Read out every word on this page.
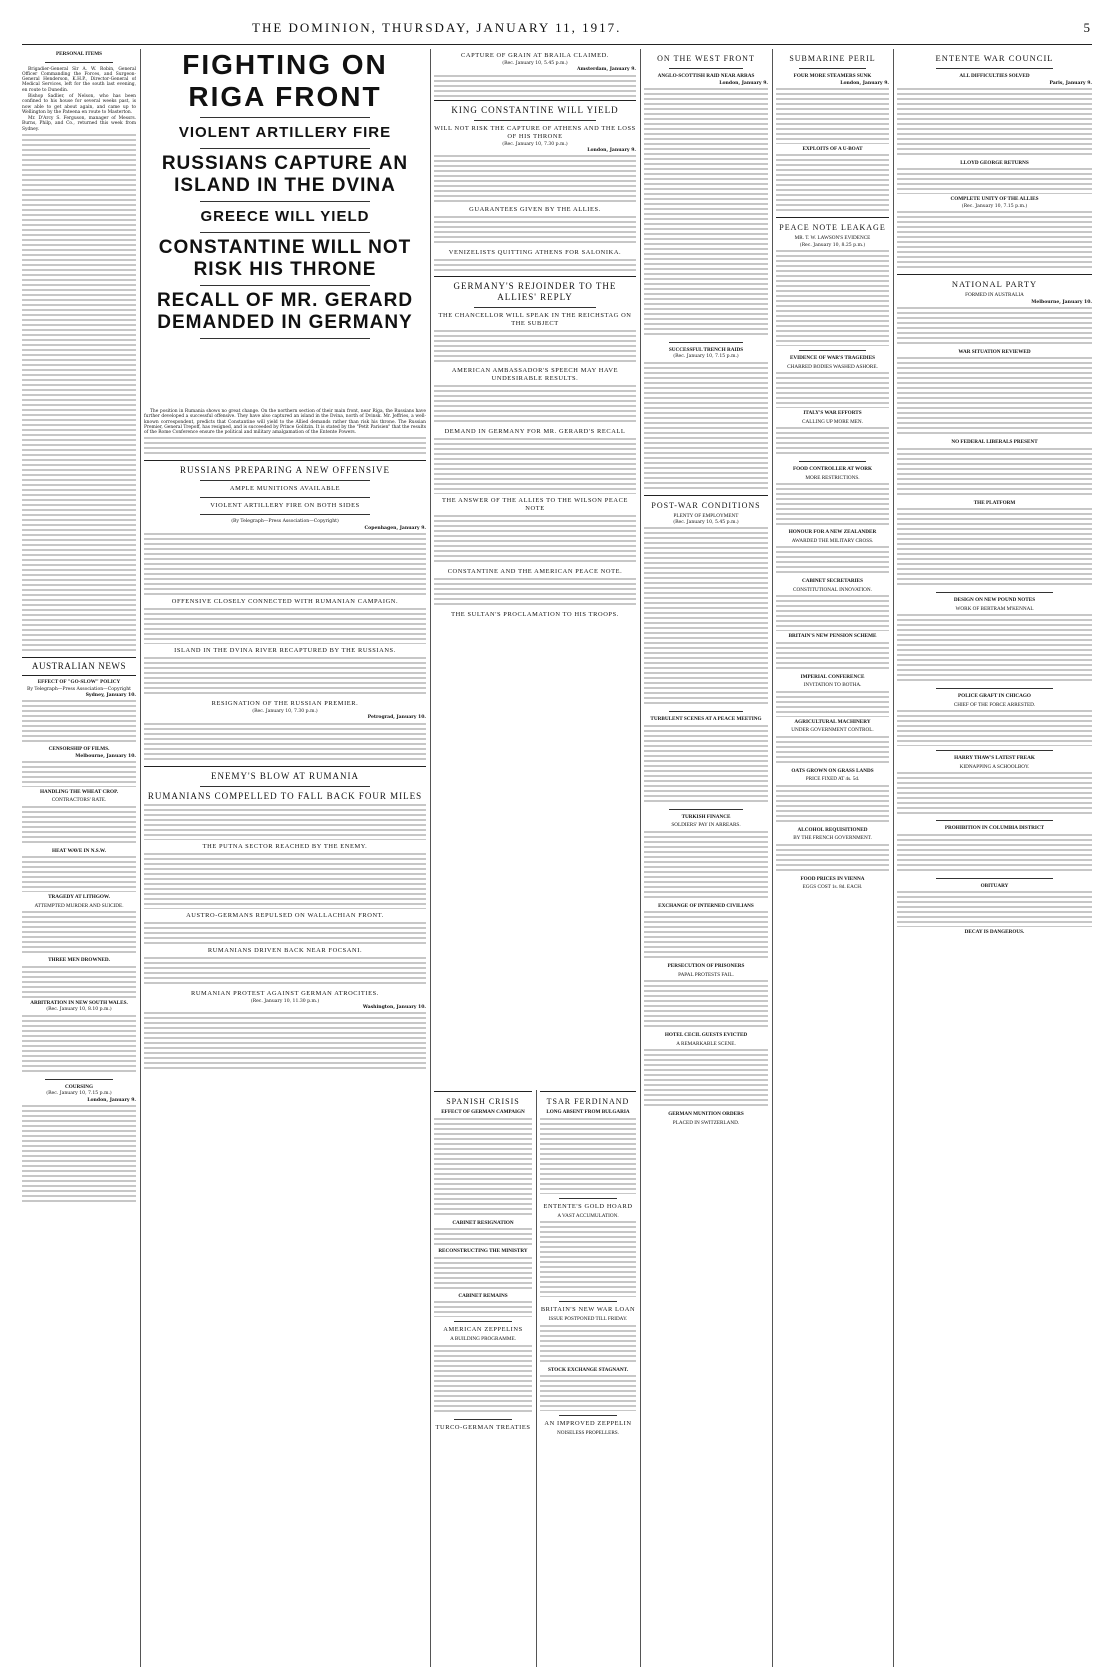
THE DOMINION, THURSDAY, JANUARY 11, 1917.	5
PERSONAL ITEMS

Brigadier-General Sir A. W. Robin, General Officer Commanding the Forces, and Surgeon-General Henderson, K.H.P., Director-General of Medical Services, left for the south last evening, en route to Dunedin.

Bishop Sadlier, of Nelson, who has been confined to his house for several weeks past, is now able to get about again, and came up to Wellington by the Pateena en route to Masterton.

Mr. D'Arcy S. Ferguson, manager of Messrs. Burns, Philp, and Co., returned this week from Sydney.

AUSTRALIAN NEWS
EFFECT OF "GO-SLOW" POLICY
By Telegraph—Press Association—Copyright
Sydney, January 10.
CENSORSHIP OF FILMS.
Melbourne, January 10.
HANDLING THE WHEAT CROP.
CONTRACTORS' RATE.
HEAT WAVE IN N.S.W.
TRAGEDY AT LITHGOW.
ATTEMPTED MURDER AND SUICIDE.
THREE MEN DROWNED.
ARBITRATION IN NEW SOUTH WALES.
(Rec. January 10, 8.10 p.m.)
COURSING
(Rec. January 10, 7.15 p.m.)
London, January 9.
FIGHTING ON RIGA FRONT
VIOLENT ARTILLERY FIRE
RUSSIANS CAPTURE AN ISLAND IN THE DVINA
GREECE WILL YIELD
CONSTANTINE WILL NOT RISK HIS THRONE
RECALL OF MR. GERARD DEMANDED IN GERMANY

The position in Rumania shows no great change. On the northern section of their main front, near Riga, the Russians have further developed a successful offensive. They have also captured an island in the Dvina, north of Dvinsk. Mr. Jeffries, a well-known correspondent, predicts that Constantine will yield to the Allied demands rather than risk his throne. The Russian Premier, General Trepoff, has resigned, and is succeeded by Prince Golitzin. It is stated by the "Petit Parisien" that the results of the Rome Conference ensure the political and military amalgamation of the Entente Powers.

RUSSIANS PREPARING A NEW OFFENSIVE
AMPLE MUNITIONS AVAILABLE
VIOLENT ARTILLERY FIRE ON BOTH SIDES
(By Telegraph—Press Association—Copyright)
Copenhagen, January 9.
OFFENSIVE CLOSELY CONNECTED WITH RUMANIAN CAMPAIGN.
ISLAND IN THE DVINA RIVER RECAPTURED BY THE RUSSIANS.
RESIGNATION OF THE RUSSIAN PREMIER.
(Rec. January 10, 7.30 p.m.)
Petrograd, January 10.
ENEMY'S BLOW AT RUMANIA
RUMANIANS COMPELLED TO FALL BACK FOUR MILES
THE PUTNA SECTOR REACHED BY THE ENEMY.
AUSTRO-GERMANS REPULSED ON WALLACHIAN FRONT.
RUMANIANS DRIVEN BACK NEAR FOCSANI.
RUMANIAN PROTEST AGAINST GERMAN ATROCITIES.
(Rec. January 10, 11.30 p.m.)
Washington, January 10.
CAPTURE OF GRAIN AT BRAILA CLAIMED.
(Rec. January 10, 5.45 p.m.)
Amsterdam, January 9.
KING CONSTANTINE WILL YIELD
WILL NOT RISK THE CAPTURE OF ATHENS AND THE LOSS OF HIS THRONE
(Rec. January 10, 7.30 p.m.)
London, January 9.
GUARANTEES GIVEN BY THE ALLIES.
VENIZELISTS QUITTING ATHENS FOR SALONIKA.
GERMANY'S REJOINDER TO THE ALLIES' REPLY
THE CHANCELLOR WILL SPEAK IN THE REICHSTAG ON THE SUBJECT
AMERICAN AMBASSADOR'S SPEECH MAY HAVE UNDESIRABLE RESULTS.
DEMAND IN GERMANY FOR MR. GERARD'S RECALL
THE ANSWER OF THE ALLIES TO THE WILSON PEACE NOTE
CONSTANTINE AND THE AMERICAN PEACE NOTE.
THE SULTAN'S PROCLAMATION TO HIS TROOPS.
SPANISH CRISIS
EFFECT OF GERMAN CAMPAIGN
CABINET RESIGNATION
RECONSTRUCTING THE MINISTRY
CABINET REMAINS
AMERICAN ZEPPELINS
A BUILDING PROGRAMME.
TURCO-GERMAN TREATIES
TSAR FERDINAND
LONG ABSENT FROM BULGARIA
ENTENTE'S GOLD HOARD
A VAST ACCUMULATION.
BRITAIN'S NEW WAR LOAN
ISSUE POSTPONED TILL FRIDAY.
STOCK EXCHANGE STAGNANT.
AN IMPROVED ZEPPELIN
NOISELESS PROPELLERS.
ON THE WEST FRONT
ANGLO-SCOTTISH RAID NEAR ARRAS
London, January 9.
SUCCESSFUL TRENCH RAIDS
(Rec. January 10, 7.15 p.m.)
POST-WAR CONDITIONS
PLENTY OF EMPLOYMENT
(Rec. January 10, 5.45 p.m.)
TURBULENT SCENES AT A PEACE MEETING
TURKISH FINANCE
SOLDIERS' PAY IN ARREARS.
EXCHANGE OF INTERNED CIVILIANS
PERSECUTION OF PRISONERS
PAPAL PROTESTS FAIL.
HOTEL CECIL GUESTS EVICTED
A REMARKABLE SCENE.
GERMAN MUNITION ORDERS
PLACED IN SWITZERLAND.
SUBMARINE PERIL
FOUR MORE STEAMERS SUNK
London, January 9.
EXPLOITS OF A U-BOAT
PEACE NOTE LEAKAGE
MR. T. W. LAWSON'S EVIDENCE
(Rec. January 10, 8.25 p.m.)
EVIDENCE OF WAR'S TRAGEDIES
CHARRED BODIES WASHED ASHORE.
ITALY'S WAR EFFORTS
CALLING UP MORE MEN.
FOOD CONTROLLER AT WORK
MORE RESTRICTIONS.
HONOUR FOR A NEW ZEALANDER
AWARDED THE MILITARY CROSS.
CABINET SECRETARIES
CONSTITUTIONAL INNOVATION.
BRITAIN'S NEW PENSION SCHEME
IMPERIAL CONFERENCE
INVITATION TO BOTHA.
AGRICULTURAL MACHINERY
UNDER GOVERNMENT CONTROL.
OATS GROWN ON GRASS LANDS
PRICE FIXED AT 4s. 5d.
ALCOHOL REQUISITIONED
BY THE FRENCH GOVERNMENT.
FOOD PRICES IN VIENNA
EGGS COST 1s. 8d. EACH.
ENTENTE WAR COUNCIL
ALL DIFFICULTIES SOLVED
Paris, January 9.
LLOYD GEORGE RETURNS
COMPLETE UNITY OF THE ALLIES
(Rec. January 10, 7.15 p.m.)
NATIONAL PARTY
FORMED IN AUSTRALIA
Melbourne, January 10.
WAR SITUATION REVIEWED
NO FEDERAL LIBERALS PRESENT
THE PLATFORM
DESIGN ON NEW POUND NOTES
WORK OF BERTRAM M'KENNAL
POLICE GRAFT IN CHICAGO
CHIEF OF THE FORCE ARRESTED.
HARRY THAW'S LATEST FREAK
KIDNAPPING A SCHOOLBOY.
PROHIBITION IN COLUMBIA DISTRICT
OBITUARY
DECAY IS DANGEROUS.
